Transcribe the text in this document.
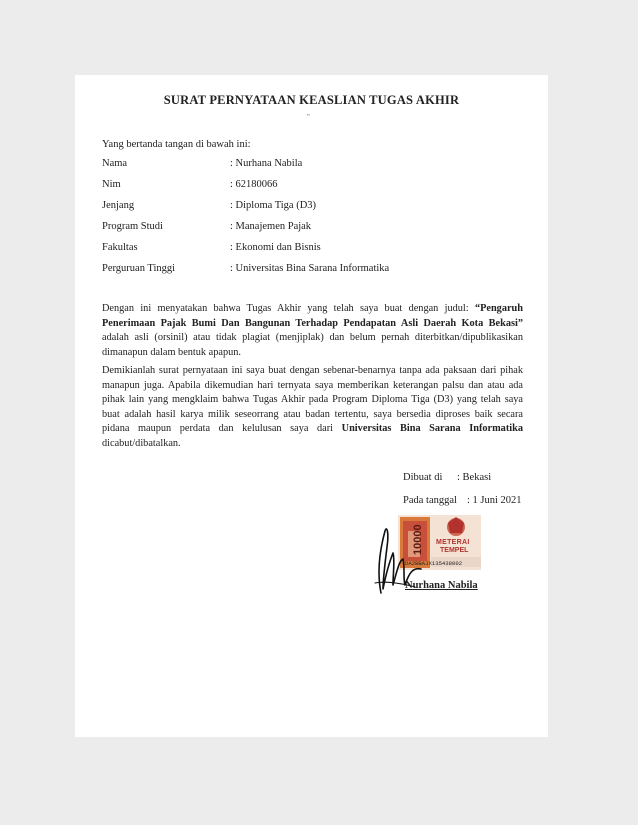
SURAT PERNYATAAN KEASLIAN TUGAS AKHIR
"
Yang bertanda tangan di bawah ini:
Nama	: Nurhana Nabila
Nim	: 62180066
Jenjang	: Diploma Tiga (D3)
Program Studi	: Manajemen Pajak
Fakultas	: Ekonomi dan Bisnis
Perguruan Tinggi	: Universitas Bina Sarana Informatika
Dengan ini menyatakan bahwa Tugas Akhir yang telah saya buat dengan judul: “Pengaruh Penerimaan Pajak Bumi Dan Bangunan Terhadap Pendapatan Asli Daerah Kota Bekasi” adalah asli (orsinil) atau tidak plagiat (menjiplak) dan belum pernah diterbitkan/dipublikasikan dimanapun dalam bentuk apapun.
Demikianlah surat pernyataan ini saya buat dengan sebenar-benarnya tanpa ada paksaan dari pihak manapun juga. Apabila dikemudian hari ternyata saya memberikan keterangan palsu dan atau ada pihak lain yang mengklaim bahwa Tugas Akhir pada Program Diploma Tiga (D3) yang telah saya buat adalah hasil karya milik seseorrang atau badan tertentu, saya bersedia diproses baik secara pidana maupun perdata dan kelulusan saya dari Universitas Bina Sarana Informatika dicabut/dibatalkan.
Dibuat di : Bekasi
Pada tanggal : 1 Juni 2021
10000 METERAI
TEMPEL
DA2BBAJX135438002
Nurhana Nabila
